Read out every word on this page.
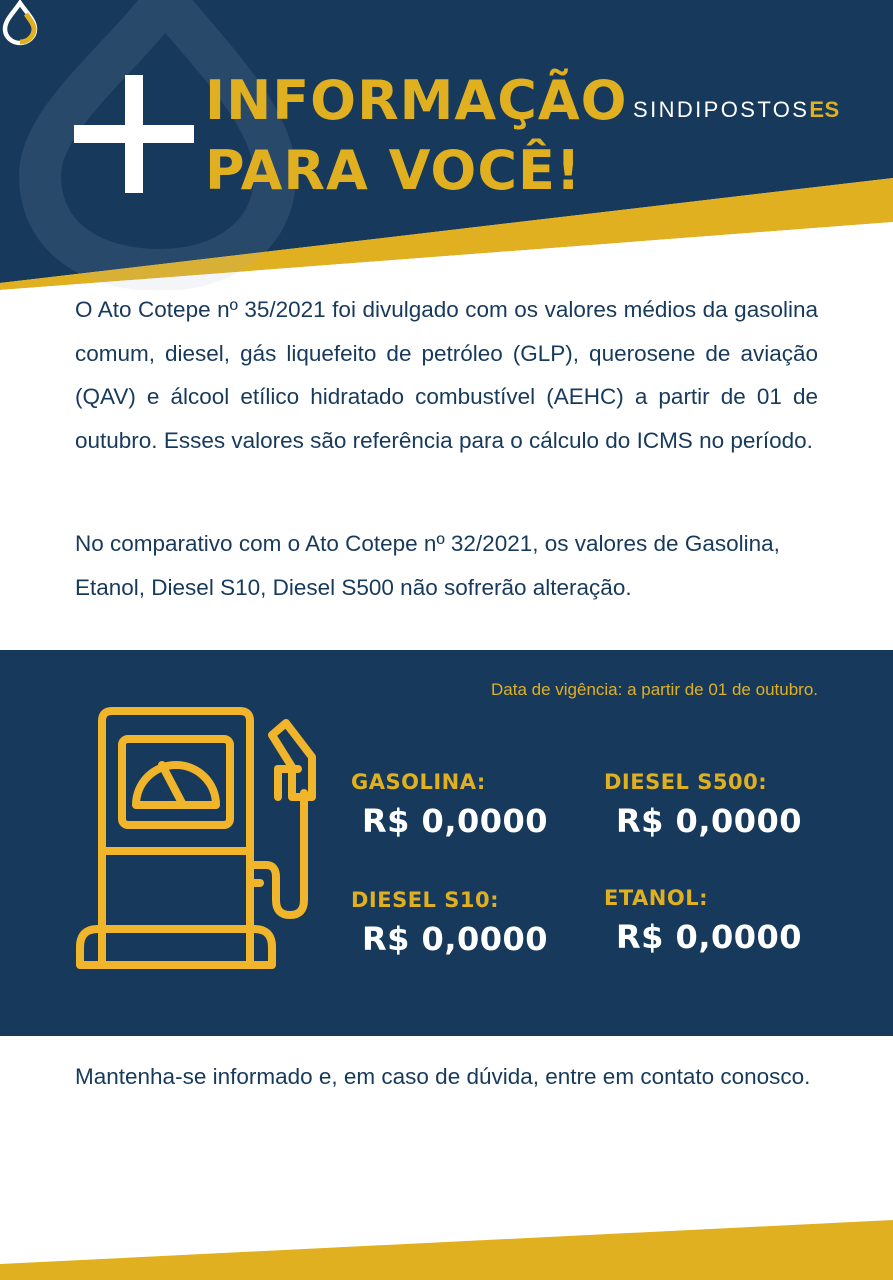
INFORMAÇÃO
PARA VOCÊ!
SINDIPOSTOSES

O Ato Cotepe nº 35/2021 foi divulgado com os valores médios da gasolina comum, diesel, gás liquefeito de petróleo (GLP), querosene de aviação (QAV) e álcool etílico hidratado combustível (AEHC) a partir de 01 de outubro. Esses valores são referência para o cálculo do ICMS no período.

No comparativo com o Ato Cotepe nº 32/2021, os valores de Gasolina, Etanol, Diesel S10, Diesel S500 não sofrerão alteração.

Data de vigência: a partir de 01 de outubro.
GASOLINA:
R$ 0,0000
DIESEL S500:
R$ 0,0000
DIESEL S10:
R$ 0,0000
ETANOL:
R$ 0,0000

Mantenha-se informado e, em caso de dúvida, entre em contato conosco.
